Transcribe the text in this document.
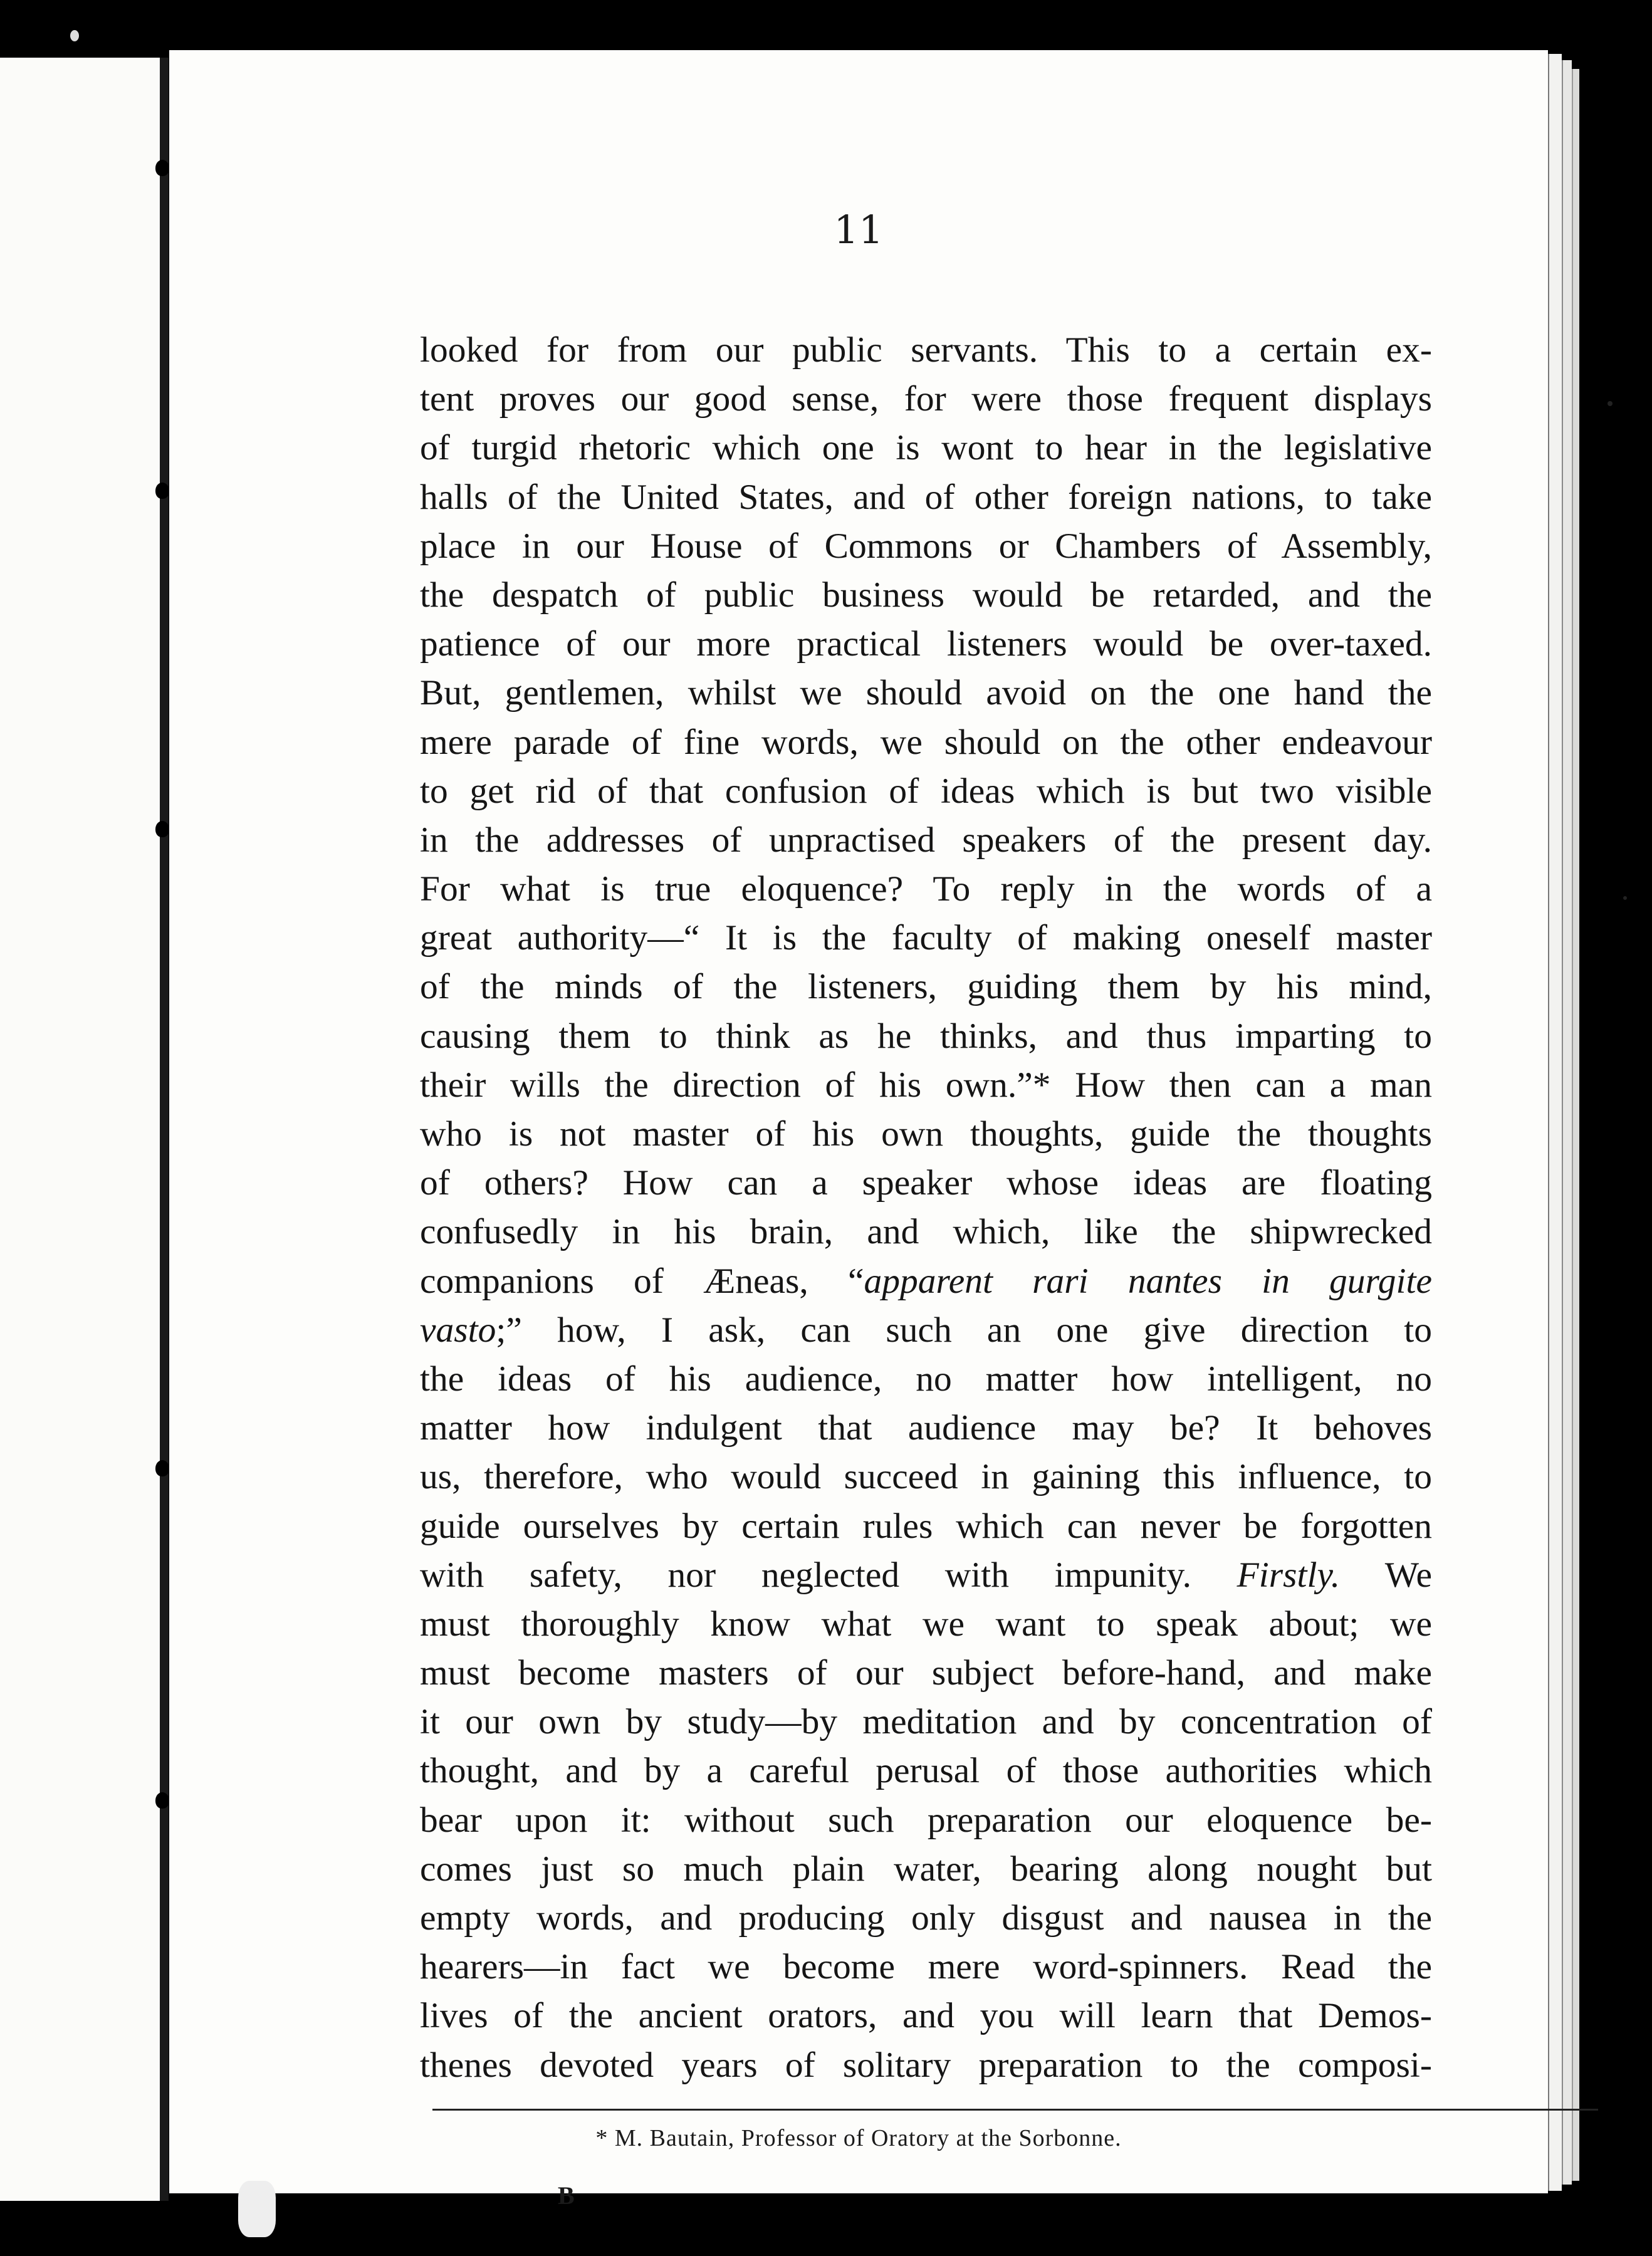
11
looked for from our public servants. This to a certain ex-
tent proves our good sense, for were those frequent displays
of turgid rhetoric which one is wont to hear in the legislative
halls of the United States, and of other foreign nations, to take
place in our House of Commons or Chambers of Assembly,
the despatch of public business would be retarded, and the
patience of our more practical listeners would be over-taxed.
But, gentlemen, whilst we should avoid on the one hand the
mere parade of fine words, we should on the other endeavour
to get rid of that confusion of ideas which is but two visible
in the addresses of unpractised speakers of the present day.
For what is true eloquence? To reply in the words of a
great authority—“ It is the faculty of making oneself master
of the minds of the listeners, guiding them by his mind,
causing them to think as he thinks, and thus imparting to
their wills the direction of his own.”* How then can a man
who is not master of his own thoughts, guide the thoughts
of others? How can a speaker whose ideas are floating
confusedly in his brain, and which, like the shipwrecked
companions of Æneas, “apparent rari nantes in gurgite
vasto;” how, I ask, can such an one give direction to
the ideas of his audience, no matter how intelligent, no
matter how indulgent that audience may be? It behoves
us, therefore, who would succeed in gaining this influence, to
guide ourselves by certain rules which can never be forgotten
with safety, nor neglected with impunity. Firstly. We
must thoroughly know what we want to speak about; we
must become masters of our subject before-hand, and make
it our own by study—by meditation and by concentration of
thought, and by a careful perusal of those authorities which
bear upon it: without such preparation our eloquence be-
comes just so much plain water, bearing along nought but
empty words, and producing only disgust and nausea in the
hearers—in fact we become mere word-spinners. Read the
lives of the ancient orators, and you will learn that Demos-
thenes devoted years of solitary preparation to the composi-
* M. Bautain, Professor of Oratory at the Sorbonne.
B
